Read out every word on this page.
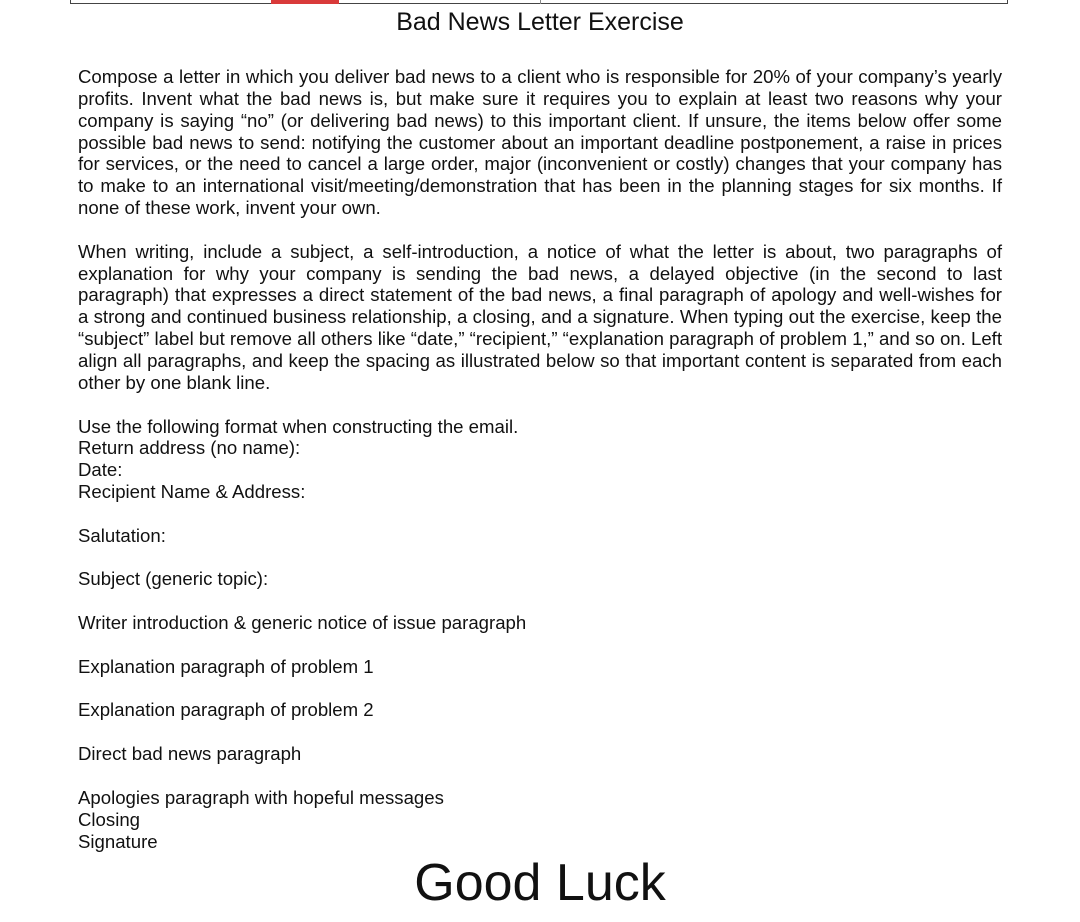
Bad News Letter Exercise

Compose a letter in which you deliver bad news to a client who is responsible for 20% of your company’s yearly profits. Invent what the bad news is, but make sure it requires you to explain at least two reasons why your company is saying “no” (or delivering bad news) to this important client. If unsure, the items below offer some possible bad news to send: notifying the customer about an important deadline postponement, a raise in prices for services, or the need to cancel a large order, major (inconvenient or costly) changes that your company has to make to an international visit/meeting/demonstration that has been in the planning stages for six months. If none of these work, invent your own.

When writing, include a subject, a self-introduction, a notice of what the letter is about, two paragraphs of explanation for why your company is sending the bad news, a delayed objective (in the second to last paragraph) that expresses a direct statement of the bad news, a final paragraph of apology and well-wishes for a strong and continued business relationship, a closing, and a signature. When typing out the exercise, keep the “subject” label but remove all others like “date,” “recipient,” “explanation paragraph of problem 1,” and so on. Left align all paragraphs, and keep the spacing as illustrated below so that important content is separated from each other by one blank line.

Use the following format when constructing the email.
Return address (no name):
Date:
Recipient Name & Address:
Salutation:
Subject (generic topic):
Writer introduction & generic notice of issue paragraph
Explanation paragraph of problem 1
Explanation paragraph of problem 2
Direct bad news paragraph
Apologies paragraph with hopeful messages
Closing
Signature
Good Luck
